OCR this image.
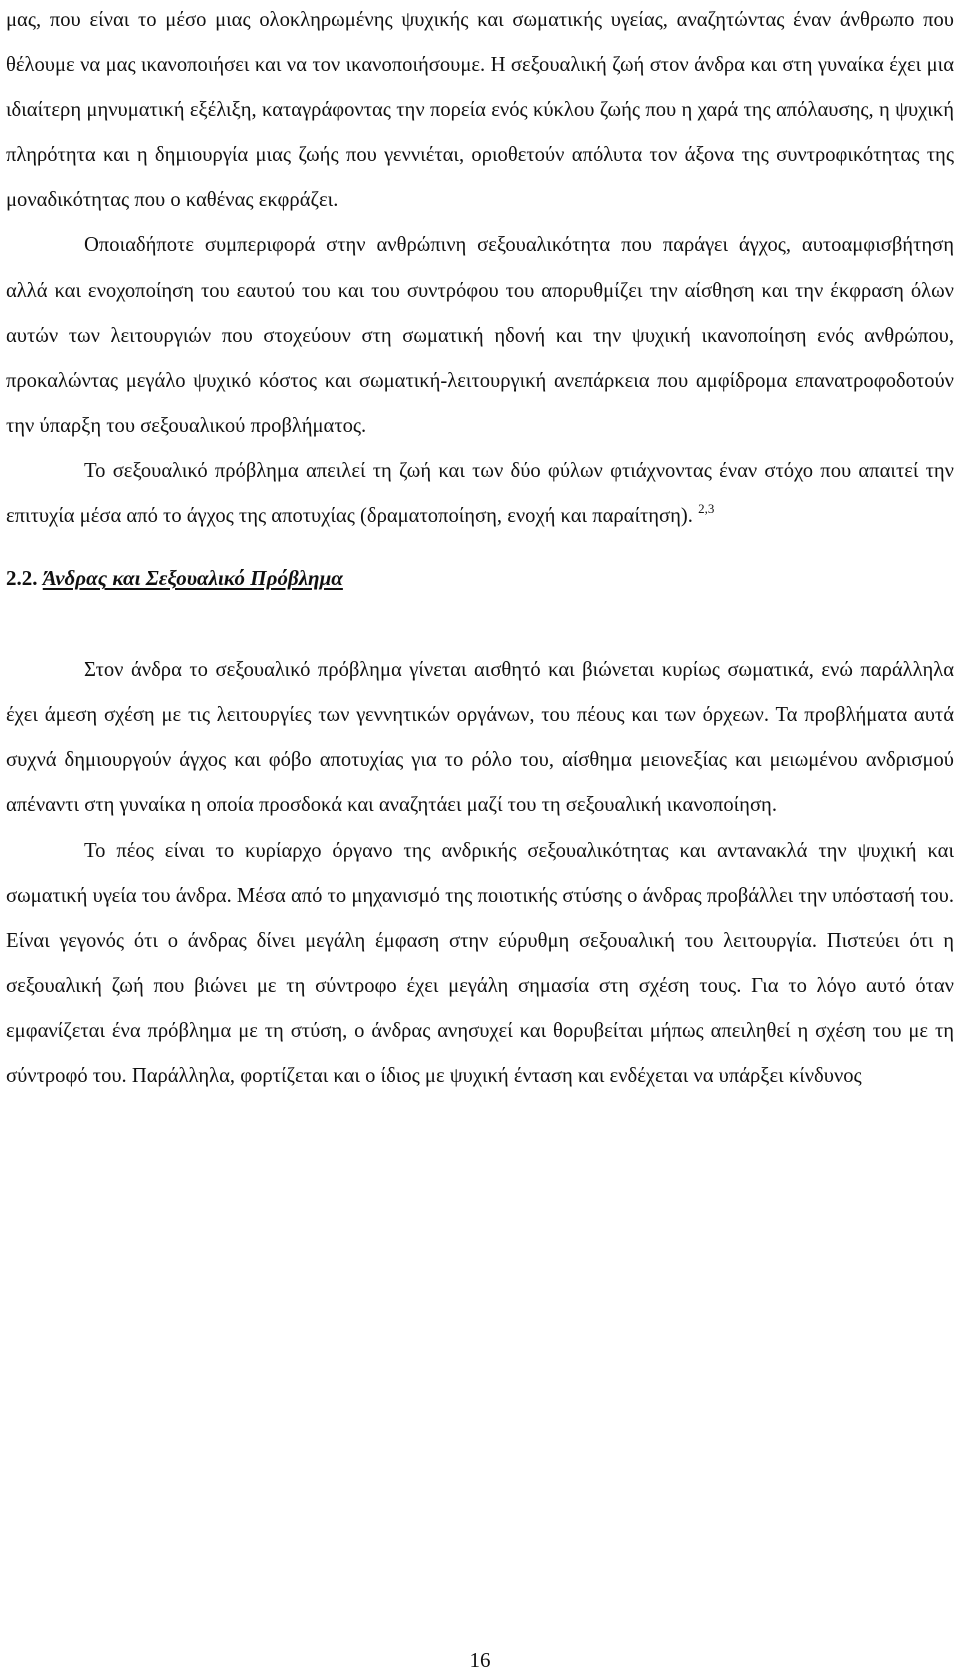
μας, που είναι το μέσο μιας ολοκληρωμένης ψυχικής και σωματικής υγείας, αναζητώντας έναν άνθρωπο που θέλουμε να μας ικανοποιήσει και να τον ικανοποιήσουμε. Η σεξουαλική ζωή στον άνδρα και στη γυναίκα έχει μια ιδιαίτερη μηνυματική εξέλιξη, καταγράφοντας την πορεία ενός κύκλου ζωής που η χαρά της απόλαυσης, η ψυχική πληρότητα και η δημιουργία μιας ζωής που γεννιέται, οριοθετούν απόλυτα τον άξονα της συντροφικότητας της μοναδικότητας που ο καθένας εκφράζει.

Οποιαδήποτε συμπεριφορά στην ανθρώπινη σεξουαλικότητα που παράγει άγχος, αυτοαμφισβήτηση αλλά και ενοχοποίηση του εαυτού του και του συντρόφου του απορυθμίζει την αίσθηση και την έκφραση όλων αυτών των λειτουργιών που στοχεύουν στη σωματική ηδονή και την ψυχική ικανοποίηση ενός ανθρώπου, προκαλώντας μεγάλο ψυχικό κόστος και σωματική-λειτουργική ανεπάρκεια που αμφίδρομα επανατροφοδοτούν την ύπαρξη του σεξουαλικού προβλήματος.

Το σεξουαλικό πρόβλημα απειλεί τη ζωή και των δύο φύλων φτιάχνοντας έναν στόχο που απαιτεί την επιτυχία μέσα από το άγχος της αποτυχίας (δραματοποίηση, ενοχή και παραίτηση). $^{2,3}$

2.2. Άνδρας και Σεξουαλικό Πρόβλημα

Στον άνδρα το σεξουαλικό πρόβλημα γίνεται αισθητό και βιώνεται κυρίως σωματικά, ενώ παράλληλα έχει άμεση σχέση με τις λειτουργίες των γεννητικών οργάνων, του πέους και των όρχεων. Τα προβλήματα αυτά συχνά δημιουργούν άγχος και φόβο αποτυχίας για το ρόλο του, αίσθημα μειονεξίας και μειωμένου ανδρισμού απέναντι στη γυναίκα η οποία προσδοκά και αναζητάει μαζί του τη σεξουαλική ικανοποίηση.

Το πέος είναι το κυρίαρχο όργανο της ανδρικής σεξουαλικότητας και αντανακλά την ψυχική και σωματική υγεία του άνδρα. Μέσα από το μηχανισμό της ποιοτικής στύσης ο άνδρας προβάλλει την υπόστασή του. Είναι γεγονός ότι ο άνδρας δίνει μεγάλη έμφαση στην εύρυθμη σεξουαλική του λειτουργία. Πιστεύει ότι η σεξουαλική ζωή που βιώνει με τη σύντροφο έχει μεγάλη σημασία στη σχέση τους. Για το λόγο αυτό όταν εμφανίζεται ένα πρόβλημα με τη στύση, ο άνδρας ανησυχεί και θορυβείται μήπως απειληθεί η σχέση του με τη σύντροφό του. Παράλληλα, φορτίζεται και ο ίδιος με ψυχική ένταση και ενδέχεται να υπάρξει κίνδυνος

16
